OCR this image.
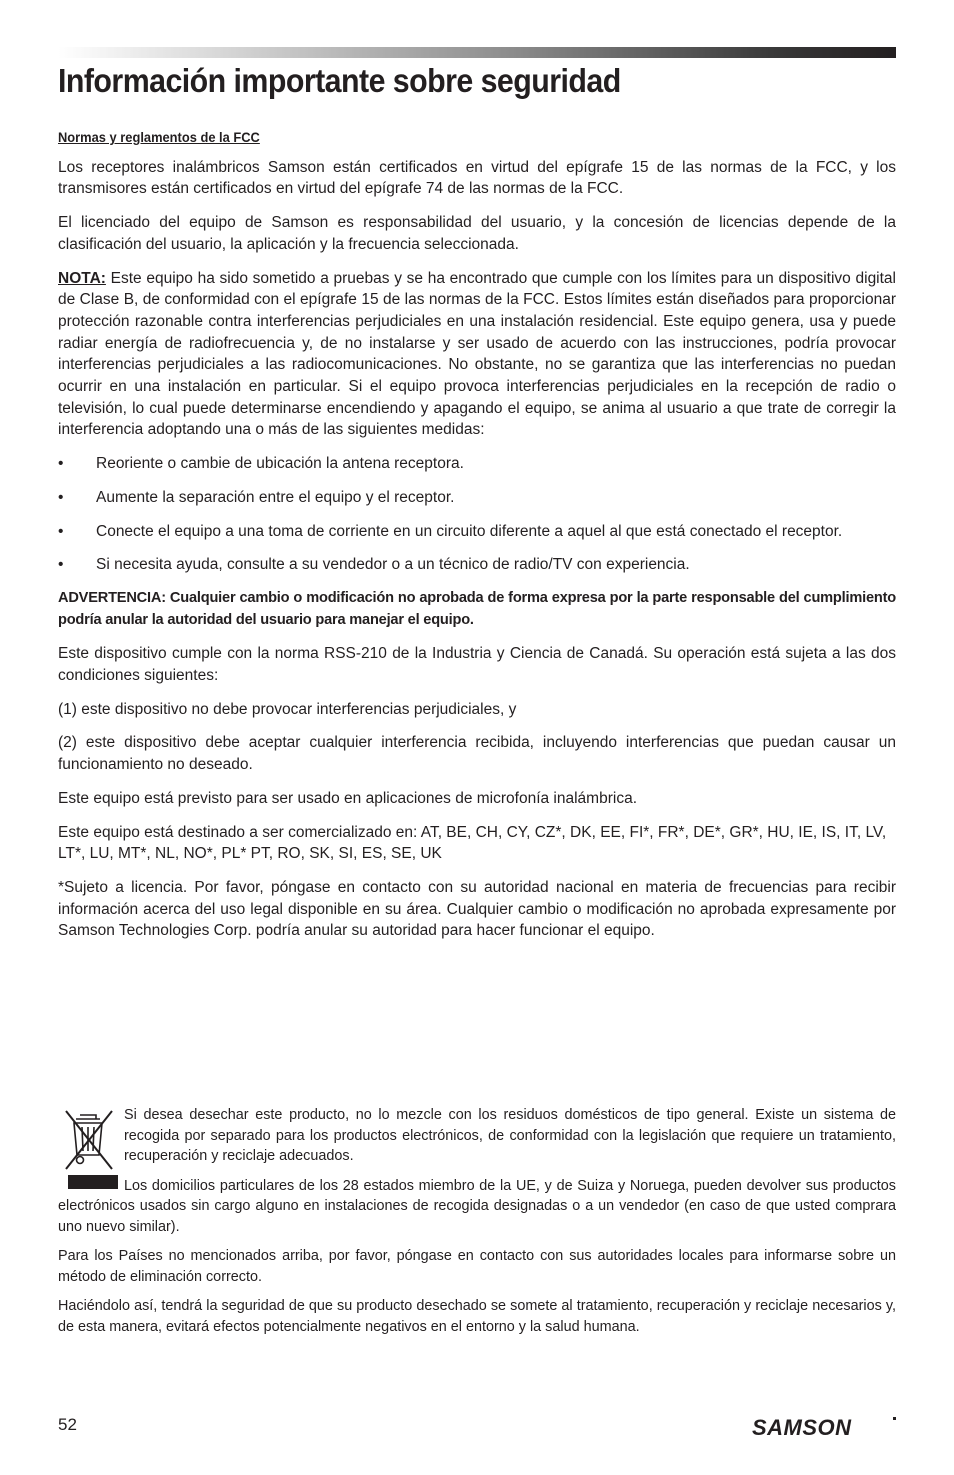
Información importante sobre seguridad

Normas y reglamentos de la FCC

Los receptores inalámbricos Samson están certificados en virtud del epígrafe 15 de las normas de la FCC, y los transmisores están certificados en virtud del epígrafe 74 de las normas de la FCC.

El licenciado del equipo de Samson es responsabilidad del usuario, y la concesión de licencias depende de la clasificación del usuario, la aplicación y la frecuencia seleccionada.

NOTA: Este equipo ha sido sometido a pruebas y se ha encontrado que cumple con los límites para un dispositivo digital de Clase B, de conformidad con el epígrafe 15 de las normas de la FCC. Estos límites están diseñados para proporcionar protección razonable contra interferencias perjudiciales en una instalación residencial. Este equipo genera, usa y puede radiar energía de radiofrecuencia y, de no instalarse y ser usado de acuerdo con las instrucciones, podría provocar interferencias perjudiciales a las radiocomunicaciones. No obstante, no se garantiza que las interferencias no puedan ocurrir en una instalación en particular. Si el equipo provoca interferencias perjudiciales en la recepción de radio o televisión, lo cual puede determinarse encendiendo y apagando el equipo, se anima al usuario a que trate de corregir la interferencia adoptando una o más de las siguientes medidas:

• Reoriente o cambie de ubicación la antena receptora.
• Aumente la separación entre el equipo y el receptor.
• Conecte el equipo a una toma de corriente en un circuito diferente a aquel al que está conectado el receptor.
• Si necesita ayuda, consulte a su vendedor o a un técnico de radio/TV con experiencia.

ADVERTENCIA: Cualquier cambio o modificación no aprobada de forma expresa por la parte responsable del cumplimiento podría anular la autoridad del usuario para manejar el equipo.

Este dispositivo cumple con la norma RSS-210 de la Industria y Ciencia de Canadá. Su operación está sujeta a las dos condiciones siguientes:

(1) este dispositivo no debe provocar interferencias perjudiciales, y

(2) este dispositivo debe aceptar cualquier interferencia recibida, incluyendo interferencias que puedan causar un funcionamiento no deseado.

Este equipo está previsto para ser usado en aplicaciones de microfonía inalámbrica.

Este equipo está destinado a ser comercializado en: AT, BE, CH, CY, CZ*, DK, EE, FI*, FR*, DE*, GR*, HU, IE, IS, IT, LV, LT*, LU, MT*, NL, NO*, PL* PT, RO, SK, SI, ES, SE, UK

*Sujeto a licencia. Por favor, póngase en contacto con su autoridad nacional en materia de frecuencias para recibir información acerca del uso legal disponible en su área. Cualquier cambio o modificación no aprobada expresamente por Samson Technologies Corp. podría anular su autoridad para hacer funcionar el equipo.

Si desea desechar este producto, no lo mezcle con los residuos domésticos de tipo general. Existe un sistema de recogida por separado para los productos electrónicos, de conformidad con la legislación que requiere un tratamiento, recuperación y reciclaje adecuados.

Los domicilios particulares de los 28 estados miembro de la UE, y de Suiza y Noruega, pueden devolver sus productos electrónicos usados sin cargo alguno en instalaciones de recogida designadas o a un vendedor (en caso de que usted comprara uno nuevo similar).

Para los Países no mencionados arriba, por favor, póngase en contacto con sus autoridades locales para informarse sobre un método de eliminación correcto.

Haciéndolo así, tendrá la seguridad de que su producto desechado se somete al tratamiento, recuperación y reciclaje necesarios y, de esta manera, evitará efectos potencialmente negativos en el entorno y la salud humana.

52	SAMSON
